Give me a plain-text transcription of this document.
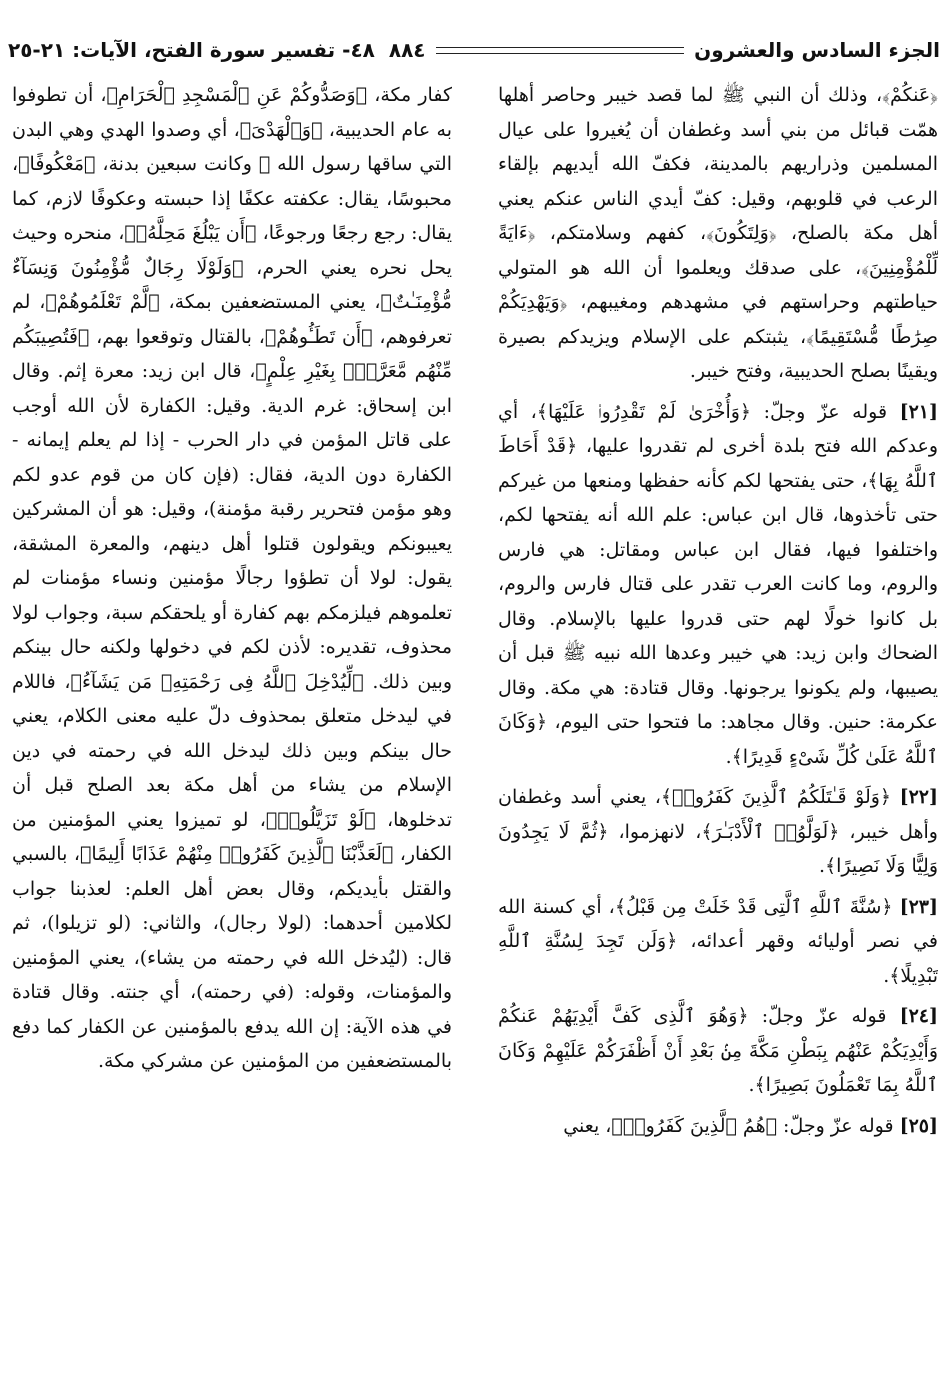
الجزء السادس والعشرون
٨٨٤
٤٨- تفسير سورة الفتح، الآيات: ٢١-٢٥

﴿عَنكُمْ﴾، وذلك أن النبي ﷺ لما قصد خيبر وحاصر أهلها همّت قبائل من بني أسد وغطفان أن يُغيروا على عيال المسلمين وذراريهم بالمدينة، فكفّ الله أيديهم بإلقاء الرعب في قلوبهم، وقيل: كفّ أيدي الناس عنكم يعني أهل مكة بالصلح، ﴿وَلِتَكُونَ﴾، كفهم وسلامتكم، ﴿ءَايَةً لِّلْمُؤْمِنِينَ﴾، على صدقك ويعلموا أن الله هو المتولي حياطتهم وحراستهم في مشهدهم ومغيبهم، ﴿وَيَهْدِيَكُمْ صِرَٰطًا مُّسْتَقِيمًا﴾، يثبتكم على الإسلام ويزيدكم بصيرة ويقينًا بصلح الحديبية، وفتح خيبر.

[٢١] قوله عزّ وجلّ: ﴿وَأُخْرَىٰ لَمْ تَقْدِرُوا۟ عَلَيْهَا﴾، أي وعدكم الله فتح بلدة أخرى لم تقدروا عليها، ﴿قَدْ أَحَاطَ ٱللَّهُ بِهَا﴾، حتى يفتحها لكم كأنه حفظها ومنعها من غيركم حتى تأخذوها، قال ابن عباس: علم الله أنه يفتحها لكم، واختلفوا فيها، فقال ابن عباس ومقاتل: هي فارس والروم، وما كانت العرب تقدر على قتال فارس والروم، بل كانوا خولًا لهم حتى قدروا عليها بالإسلام. وقال الضحاك وابن زيد: هي خيبر وعدها الله نبيه ﷺ قبل أن يصيبها، ولم يكونوا يرجونها. وقال قتادة: هي مكة. وقال عكرمة: حنين. وقال مجاهد: ما فتحوا حتى اليوم، ﴿وَكَانَ ٱللَّهُ عَلَىٰ كُلِّ شَىْءٍ قَدِيرًا﴾.

[٢٢] ﴿وَلَوْ قَـٰتَلَكُمُ ٱلَّذِينَ كَفَرُوا۟﴾، يعني أسد وغطفان وأهل خيبر، ﴿لَوَلَّوُا۟ ٱلْأَدْبَـٰرَ﴾، لانهزموا، ﴿ثُمَّ لَا يَجِدُونَ وَلِيًّا وَلَا نَصِيرًا﴾.

[٢٣] ﴿سُنَّةَ ٱللَّهِ ٱلَّتِى قَدْ خَلَتْ مِن قَبْلُ﴾، أي كسنة الله في نصر أوليائه وقهر أعدائه، ﴿وَلَن تَجِدَ لِسُنَّةِ ٱللَّهِ تَبْدِيلًا﴾.

[٢٤] قوله عزّ وجلّ: ﴿وَهُوَ ٱلَّذِى كَفَّ أَيْدِيَهُمْ عَنكُمْ وَأَيْدِيَكُمْ عَنْهُم بِبَطْنِ مَكَّةَ مِنۢ بَعْدِ أَنْ أَظْفَرَكُمْ عَلَيْهِمْ وَكَانَ ٱللَّهُ بِمَا تَعْمَلُونَ بَصِيرًا﴾.

[٢٥] قوله عزّ وجلّ: ﴿هُمُ ٱلَّذِينَ كَفَرُوا۟﴾، يعني

كفار مكة، ﴿وَصَدُّوكُمْ عَنِ ٱلْمَسْجِدِ ٱلْحَرَامِ﴾، أن تطوفوا به عام الحديبية، ﴿وَٱلْهَدْىَ﴾، أي وصدوا الهدي وهي البدن التي ساقها رسول الله ﷺ وكانت سبعين بدنة، ﴿مَعْكُوفًا﴾، محبوسًا، يقال: عكفته عكفًا إذا حبسته وعكوفًا لازم، كما يقال: رجع رجعًا ورجوعًا، ﴿أَن يَبْلُغَ مَحِلَّهُۥ﴾، منحره وحيث يحل نحره يعني الحرم، ﴿وَلَوْلَا رِجَالٌ مُّؤْمِنُونَ وَنِسَآءٌ مُّؤْمِنَـٰتٌ﴾، يعني المستضعفين بمكة، ﴿لَّمْ تَعْلَمُوهُمْ﴾، لم تعرفوهم، ﴿أَن تَطَـُٔوهُمْ﴾، بالقتال وتوقعوا بهم، ﴿فَتُصِيبَكُم مِّنْهُم مَّعَرَّةٌۢ بِغَيْرِ عِلْمٍ﴾، قال ابن زيد: معرة إثم. وقال ابن إسحاق: غرم الدية. وقيل: الكفارة لأن الله أوجب على قاتل المؤمن في دار الحرب - إذا لم يعلم إيمانه - الكفارة دون الدية، فقال: (فإن كان من قوم عدو لكم وهو مؤمن فتحرير رقبة مؤمنة)، وقيل: هو أن المشركين يعيبونكم ويقولون قتلوا أهل دينهم، والمعرة المشقة، يقول: لولا أن تطؤوا رجالًا مؤمنين ونساء مؤمنات لم تعلموهم فيلزمكم بهم كفارة أو يلحقكم سبة، وجواب لولا محذوف، تقديره: لأذن لكم في دخولها ولكنه حال بينكم وبين ذلك. ﴿لِّيُدْخِلَ ٱللَّهُ فِى رَحْمَتِهِۦ مَن يَشَآءُ﴾، فاللام في ليدخل متعلق بمحذوف دلّ عليه معنى الكلام، يعني حال بينكم وبين ذلك ليدخل الله في رحمته في دين الإسلام من يشاء من أهل مكة بعد الصلح قبل أن تدخلوها، ﴿لَوْ تَزَيَّلُوا۟﴾، لو تميزوا يعني المؤمنين من الكفار، ﴿لَعَذَّبْنَا ٱلَّذِينَ كَفَرُوا۟ مِنْهُمْ عَذَابًا أَلِيمًا﴾، بالسبي والقتل بأيديكم، وقال بعض أهل العلم: لعذبنا جواب لكلامين أحدهما: (لولا رجال)، والثاني: (لو تزيلوا)، ثم قال: (ليُدخل الله في رحمته من يشاء)، يعني المؤمنين والمؤمنات، وقوله: (في رحمته)، أي جنته. وقال قتادة في هذه الآية: إن الله يدفع بالمؤمنين عن الكفار كما دفع بالمستضعفين من المؤمنين عن مشركي مكة.
